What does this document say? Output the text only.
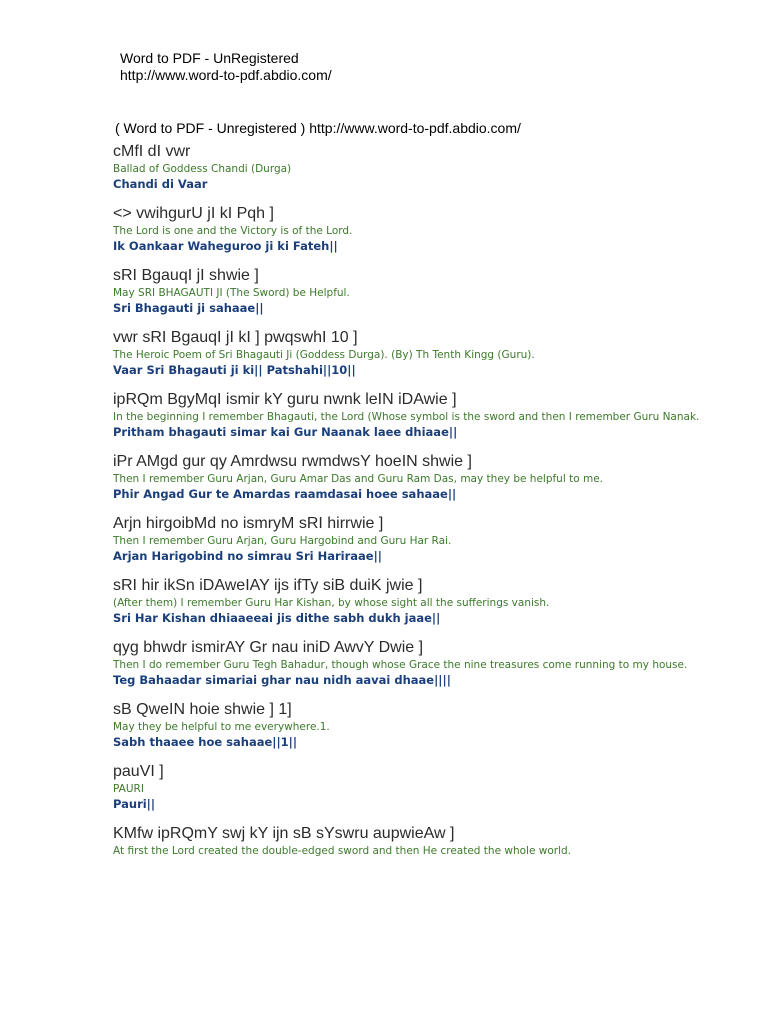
Word to PDF - UnRegistered
http://www.word-to-pdf.abdio.com/
( Word to PDF - Unregistered ) http://www.word-to-pdf.abdio.com/
cMfI dI vwr
Ballad of Goddess Chandi (Durga)
Chandi di Vaar
<> vwihgurU jI kI Pqh ]
The Lord is one and the Victory is of the Lord.
Ik Oankaar Waheguroo ji ki Fateh||
sRI BgauqI jI shwie ]
May SRI BHAGAUTI JI (The Sword) be Helpful.
Sri Bhagauti ji sahaae||
vwr sRI BgauqI jI kI ] pwqswhI 10 ]
The Heroic Poem of Sri Bhagauti Ji (Goddess Durga). (By) Th Tenth Kingg (Guru).
Vaar Sri Bhagauti ji ki|| Patshahi||10||
ipRQm BgyMqI ismir kY guru nwnk leIN iDAwie ]
In the beginning I remember Bhagauti, the Lord (Whose symbol is the sword and then I remember Guru Nanak.
Pritham bhagauti simar kai Gur Naanak laee dhiaae||
iPr AMgd gur qy Amrdwsu rwmdwsY hoeIN shwie ]
Then I remember Guru Arjan, Guru Amar Das and Guru Ram Das, may they be helpful to me.
Phir Angad Gur te Amardas raamdasai hoee sahaae||
Arjn hirgoibMd no ismryM sRI hirrwie ]
Then I remember Guru Arjan, Guru Hargobind and Guru Har Rai.
Arjan Harigobind no simrau Sri Hariraae||
sRI hir ikSn iDAweIAY ijs ifTy siB duiK jwie ]
(After them) I remember Guru Har Kishan, by whose sight all the sufferings vanish.
Sri Har Kishan dhiaaeeai jis dithe sabh dukh jaae||
qyg bhwdr ismirAY Gr nau iniD AwvY Dwie ]
Then I do remember Guru Tegh Bahadur, though whose Grace the nine treasures come running to my house.
Teg Bahaadar simariai ghar nau nidh aavai dhaae||||
sB QweIN hoie shwie ] 1]
May they be helpful to me everywhere.1.
Sabh thaaee hoe sahaae||1||
pauVI ]
PAURI
Pauri||
KMfw ipRQmY swj kY ijn sB sYswru aupwieAw ]
At first the Lord created the double-edged sword and then He created the whole world.
